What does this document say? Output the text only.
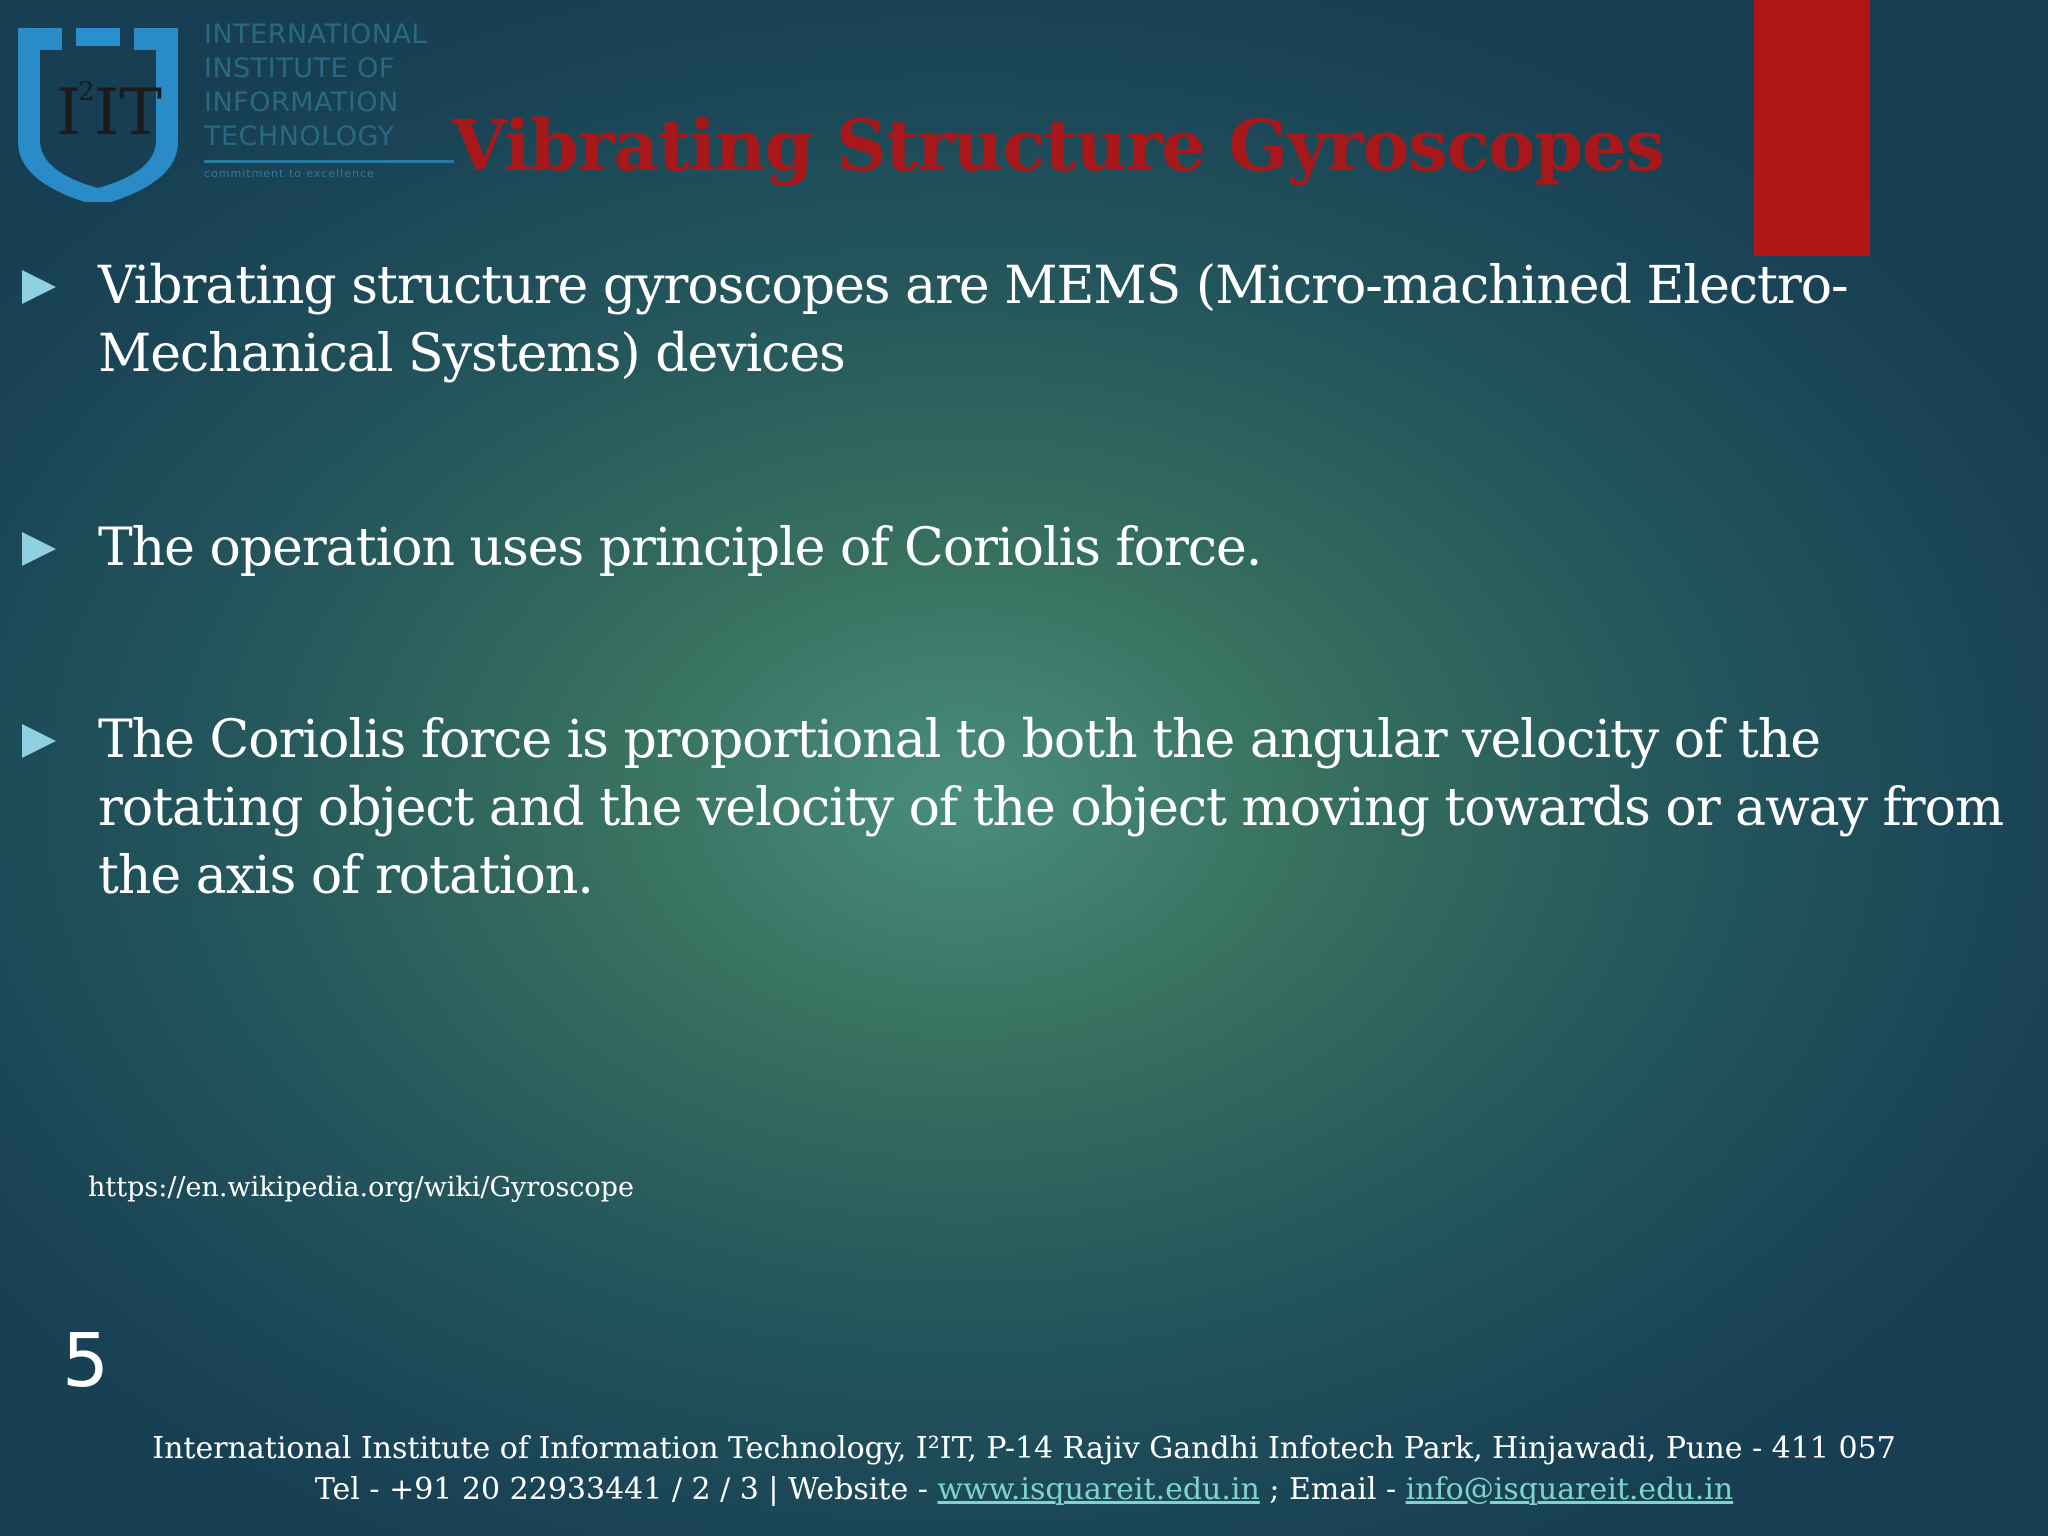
I
2 IT
INTERNATIONAL
INSTITUTE OF
INFORMATION
TECHNOLOGY
commitment to excellence	Vibrating Structure Gyroscopes
Vibrating structure gyroscopes are MEMS (Micro-machined Electro-Mechanical Systems) devices
The operation uses principle of Coriolis force.
The Coriolis force is proportional to both the angular velocity of the rotating object and the velocity of the object moving towards or away from the axis of rotation.
https://en.wikipedia.org/wiki/Gyroscope
5
International Institute of Information Technology, I²IT, P-14 Rajiv Gandhi Infotech Park, Hinjawadi, Pune - 411 057
Tel - +91 20 22933441 / 2 / 3 | Website - www.isquareit.edu.in ; Email - info@isquareit.edu.in
